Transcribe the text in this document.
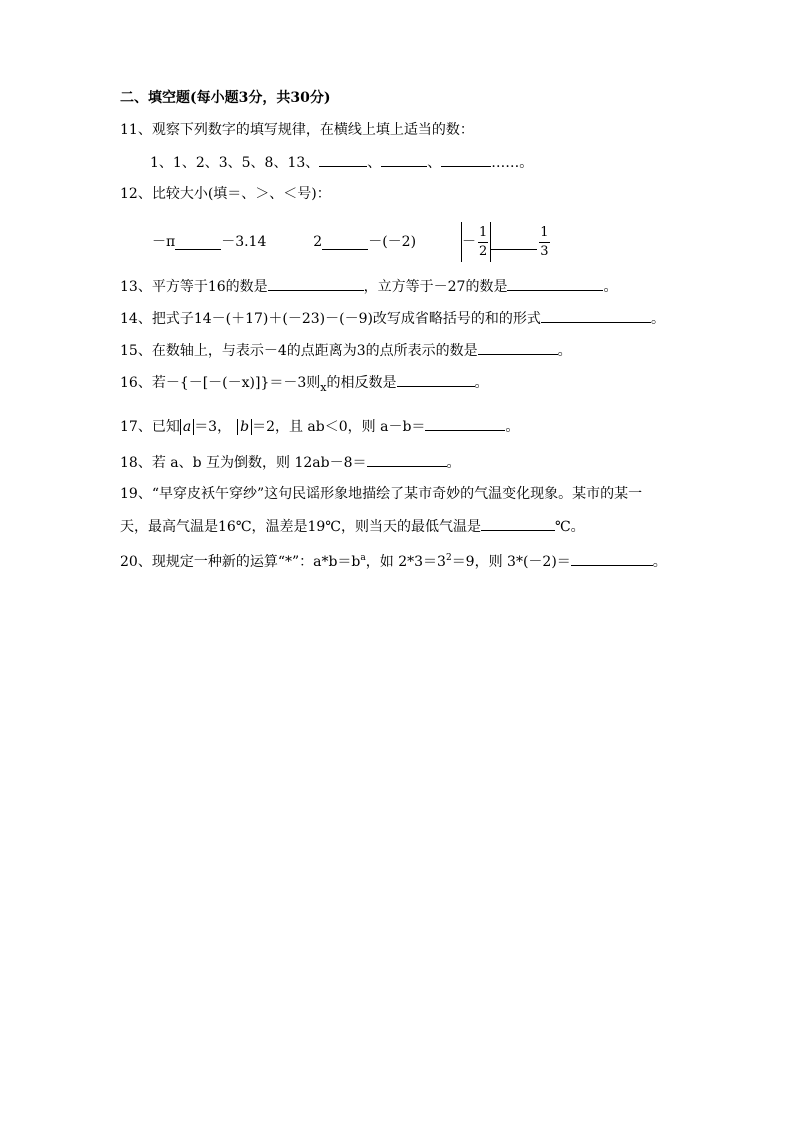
二、填空题(每小题3分，共30分)
11、观察下列数字的填写规律，在横线上填上适当的数：
1、1、2、3、5、8、13、	、	、	……。
12、比较大小(填＝、＞、＜号)：
－π	－3.14	2	－(－2)	－ $\frac{1}{2}$	$\frac{1}{3}$
13、平方等于16的数是	，立方等于－27的数是	。
14、把式子14－(＋17)＋(－23)－(－9)改写成省略括号的和的形式	。
15、在数轴上，与表示－4的点距离为3的点所表示的数是	。
16、若－{－[－(－x)]}＝－3则$_x$的相反数是	。
17、已知 a ＝3， b ＝2，且 ab＜0，则 a－b＝	。
18、若 a、b 互为倒数，则 12ab－8＝	。
19、“早穿皮袄午穿纱”这句民谣形象地描绘了某市奇妙的气温变化现象。某市的某一
天，最高气温是16℃，温差是19℃，则当天的最低气温是	℃。
20、现规定一种新的运算“*”：$a*b=b^a$，如 $2*3=3^2=9$，则 3*(－2)＝	。
